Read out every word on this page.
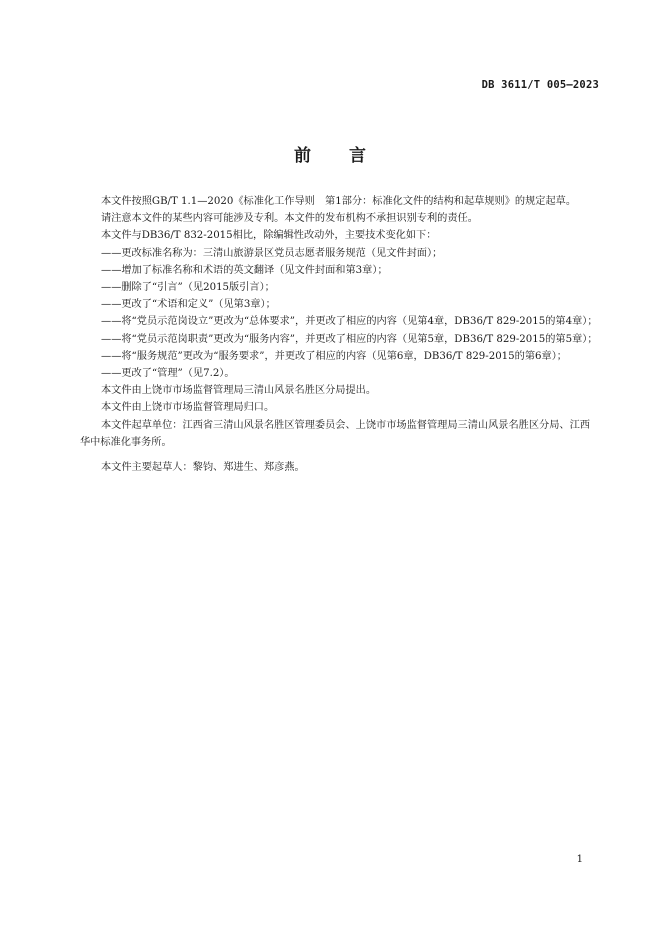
DB 3611/T 005—2023
前 言

本文件按照GB/T 1.1—2020《标准化工作导则　第1部分：标准化文件的结构和起草规则》的规定起草。

请注意本文件的某些内容可能涉及专利。本文件的发布机构不承担识别专利的责任。

本文件与DB36/T 832-2015相比，除编辑性改动外，主要技术变化如下：

——更改标准名称为：三清山旅游景区党员志愿者服务规范（见文件封面）；

——增加了标准名称和术语的英文翻译（见文件封面和第3章）；

——删除了“引言”（见2015版引言）；

——更改了“术语和定义”（见第3章）；

——将“党员示范岗设立”更改为“总体要求”，并更改了相应的内容（见第4章，DB36/T 829-2015的第4章）；

——将“党员示范岗职责”更改为“服务内容”，并更改了相应的内容（见第5章，DB36/T 829-2015的第5章）；

——将“服务规范”更改为“服务要求”，并更改了相应的内容（见第6章，DB36/T 829-2015的第6章）；

——更改了“管理”（见7.2）。

本文件由上饶市市场监督管理局三清山风景名胜区分局提出。

本文件由上饶市市场监督管理局归口。

本文件起草单位：江西省三清山风景名胜区管理委员会、上饶市市场监督管理局三清山风景名胜区分局、江西华中标准化事务所。

本文件主要起草人：黎钧、郑进生、郑彦燕。

1
